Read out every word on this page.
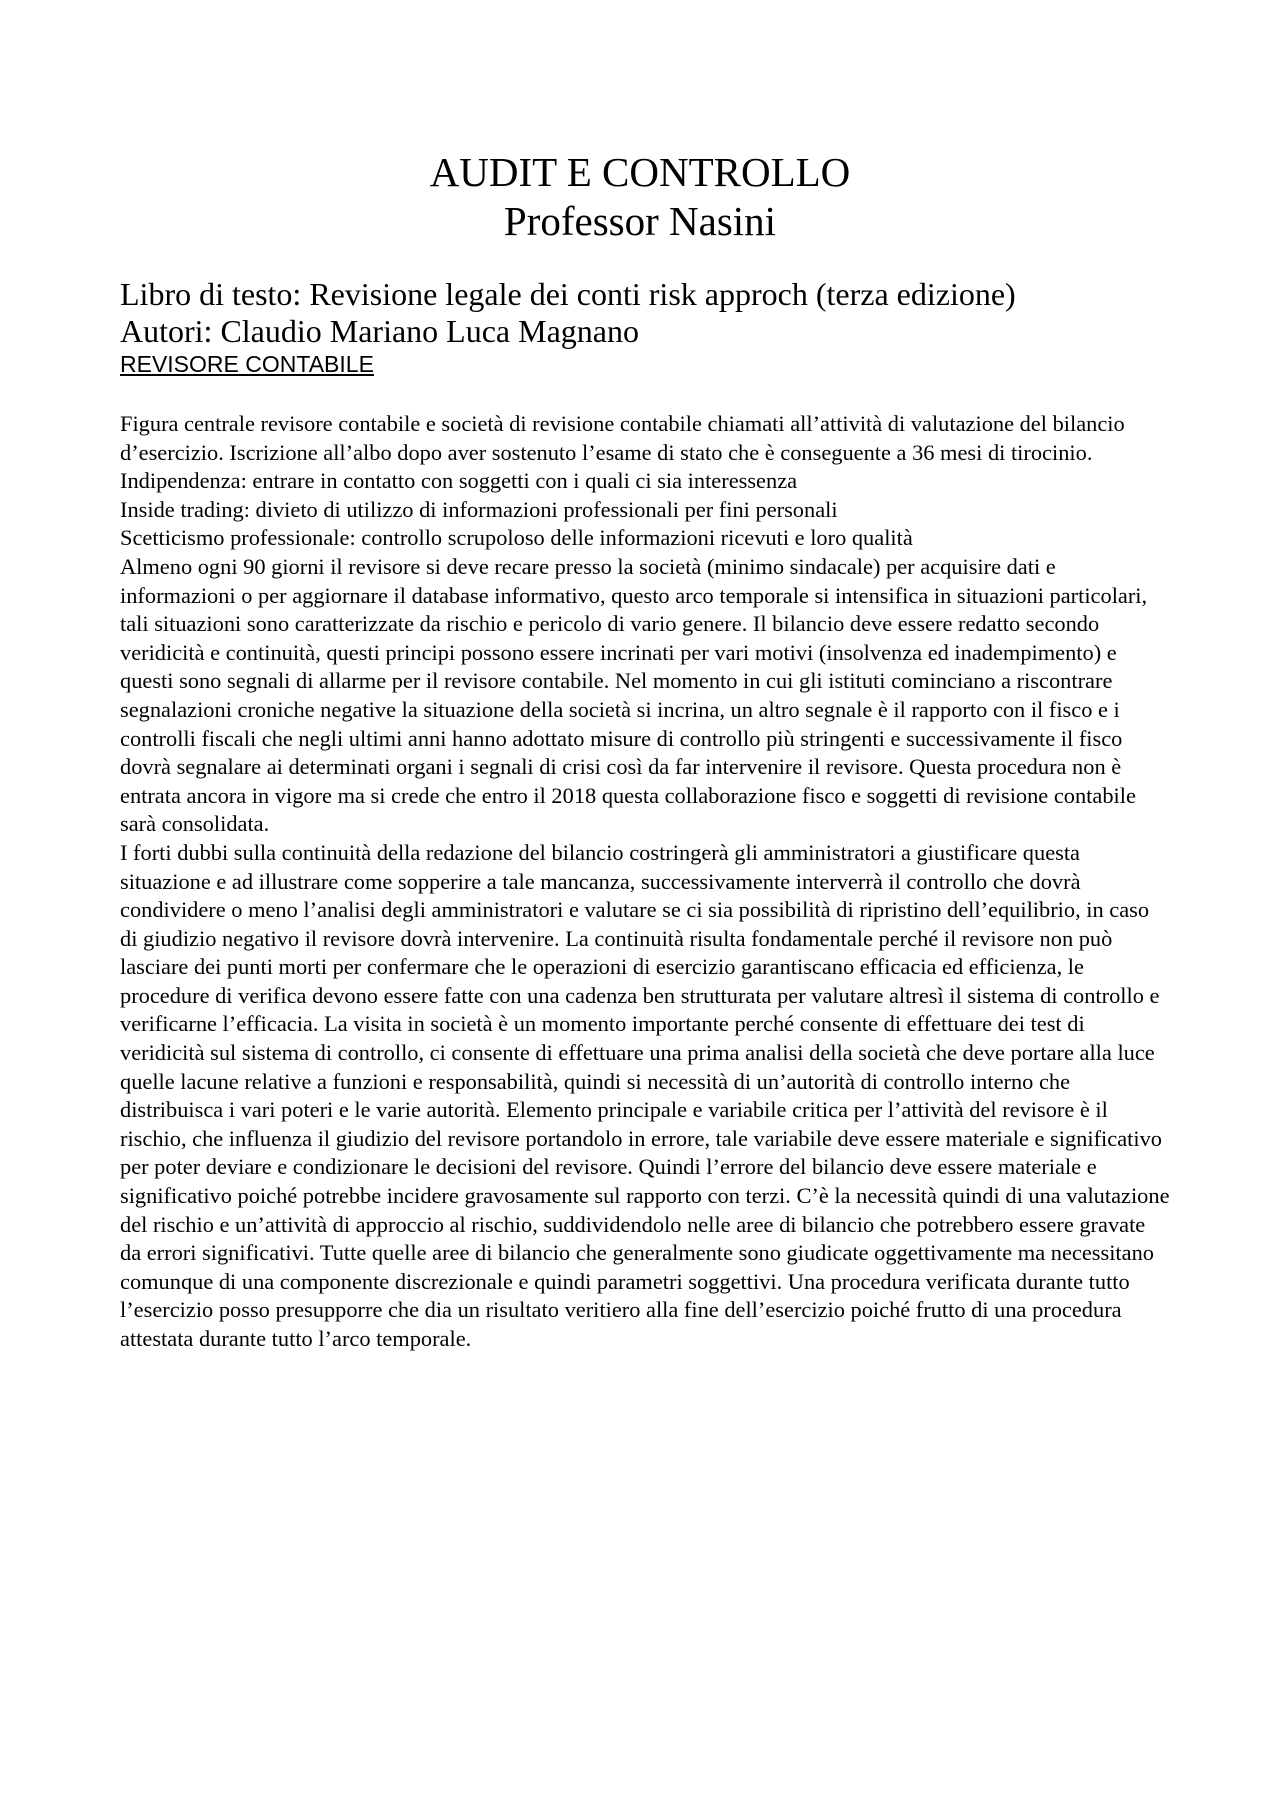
AUDIT E CONTROLLO
Professor Nasini

Libro di testo: Revisione legale dei conti risk approch (terza edizione)

Autori: Claudio Mariano Luca Magnano

REVISORE CONTABILE

Figura centrale revisore contabile e società di revisione contabile chiamati all’attività di valutazione del bilancio d’esercizio. Iscrizione all’albo dopo aver sostenuto l’esame di stato che è conseguente a 36 mesi di tirocinio.

Indipendenza: entrare in contatto con soggetti con i quali ci sia interessenza

Inside trading: divieto di utilizzo di informazioni professionali per fini personali

Scetticismo professionale: controllo scrupoloso delle informazioni ricevuti e loro qualità

Almeno ogni 90 giorni il revisore si deve recare presso la società (minimo sindacale) per acquisire dati e informazioni o per aggiornare il database informativo, questo arco temporale si intensifica in situazioni particolari, tali situazioni sono caratterizzate da rischio e pericolo di vario genere. Il bilancio deve essere redatto secondo veridicità e continuità, questi principi possono essere incrinati per vari motivi (insolvenza ed inadempimento) e questi sono segnali di allarme per il revisore contabile. Nel momento in cui gli istituti cominciano a riscontrare segnalazioni croniche negative la situazione della società si incrina, un altro segnale è il rapporto con il fisco e i controlli fiscali che negli ultimi anni hanno adottato misure di controllo più stringenti e successivamente il fisco dovrà segnalare ai determinati organi i segnali di crisi così da far intervenire il revisore. Questa procedura non è entrata ancora in vigore ma si crede che entro il 2018 questa collaborazione fisco e soggetti di revisione contabile sarà consolidata.

I forti dubbi sulla continuità della redazione del bilancio costringerà gli amministratori a giustificare questa situazione e ad illustrare come sopperire a tale mancanza, successivamente interverrà il controllo che dovrà condividere o meno l’analisi degli amministratori e valutare se ci sia possibilità di ripristino dell’equilibrio, in caso di giudizio negativo il revisore dovrà intervenire. La continuità risulta fondamentale perché il revisore non può lasciare dei punti morti per confermare che le operazioni di esercizio garantiscano efficacia ed efficienza, le procedure di verifica devono essere fatte con una cadenza ben strutturata per valutare altresì il sistema di controllo e verificarne l’efficacia. La visita in società è un momento importante perché consente di effettuare dei test di veridicità sul sistema di controllo, ci consente di effettuare una prima analisi della società che deve portare alla luce quelle lacune relative a funzioni e responsabilità, quindi si necessità di un’autorità di controllo interno che distribuisca i vari poteri e le varie autorità. Elemento principale e variabile critica per l’attività del revisore è il rischio, che influenza il giudizio del revisore portandolo in errore, tale variabile deve essere materiale e significativo per poter deviare e condizionare le decisioni del revisore. Quindi l’errore del bilancio deve essere materiale e significativo poiché potrebbe incidere gravosamente sul rapporto con terzi. C’è la necessità quindi di una valutazione del rischio e un’attività di approccio al rischio, suddividendolo nelle aree di bilancio che potrebbero essere gravate da errori significativi. Tutte quelle aree di bilancio che generalmente sono giudicate oggettivamente ma necessitano comunque di una componente discrezionale e quindi parametri soggettivi. Una procedura verificata durante tutto l’esercizio posso presupporre che dia un risultato veritiero alla fine dell’esercizio poiché frutto di una procedura attestata durante tutto l’arco temporale.
